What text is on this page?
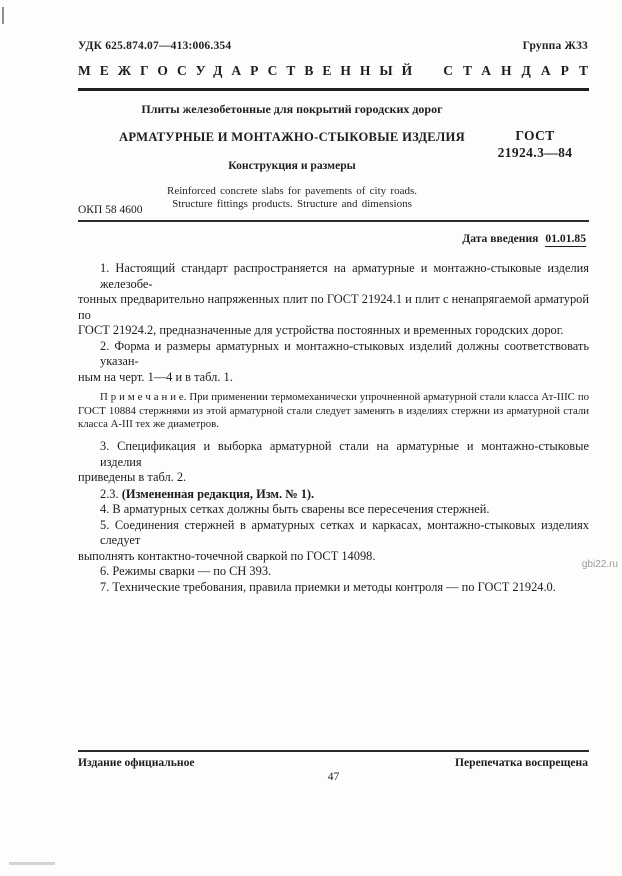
УДК 625.874.07—413:006.354	Группа Ж33
МЕЖГОСУДАРСТВЕННЫЙ СТАНДАРТ
Плиты железобетонные для покрытий городских дорог
АРМАТУРНЫЕ И МОНТАЖНО-СТЫКОВЫЕ ИЗДЕЛИЯ
Конструкция и размеры
Reinforced concrete slabs for pavements of city roads.
Structure fittings products. Structure and dimensions
ГОСТ
21924.3—84
ОКП 58 4600
Дата введения 01.01.85
1. Настоящий стандарт распространяется на арматурные и монтажно-стыковые изделия железобе-
тонных предварительно напряженных плит по ГОСТ 21924.1 и плит с ненапрягаемой арматурой по
ГОСТ 21924.2, предназначенные для устройства постоянных и временных городских дорог.
2. Форма и размеры арматурных и монтажно-стыковых изделий должны соответствовать указан-
ным на черт. 1—4 и в табл. 1.
П р и м е ч а н и е. При применении термомеханически упрочненной арматурной стали класса Ат-IIIС по
ГОСТ 10884 стержнями из этой арматурной стали следует заменять в изделиях стержни из арматурной стали
класса А-III тех же диаметров.
3. Спецификация и выборка арматурной стали на арматурные и монтажно-стыковые изделия
приведены в табл. 2.
2.3. (Измененная редакция, Изм. № 1).
4. В арматурных сетках должны быть сварены все пересечения стержней.
5. Соединения стержней в арматурных сетках и каркасах, монтажно-стыковых изделиях следует
выполнять контактно-точечной сваркой по ГОСТ 14098.
6. Режимы сварки — по СН 393.
7. Технические требования, правила приемки и методы контроля — по ГОСТ 21924.0.
gbi22.ru
Издание официальное	Перепечатка воспрещена
47
